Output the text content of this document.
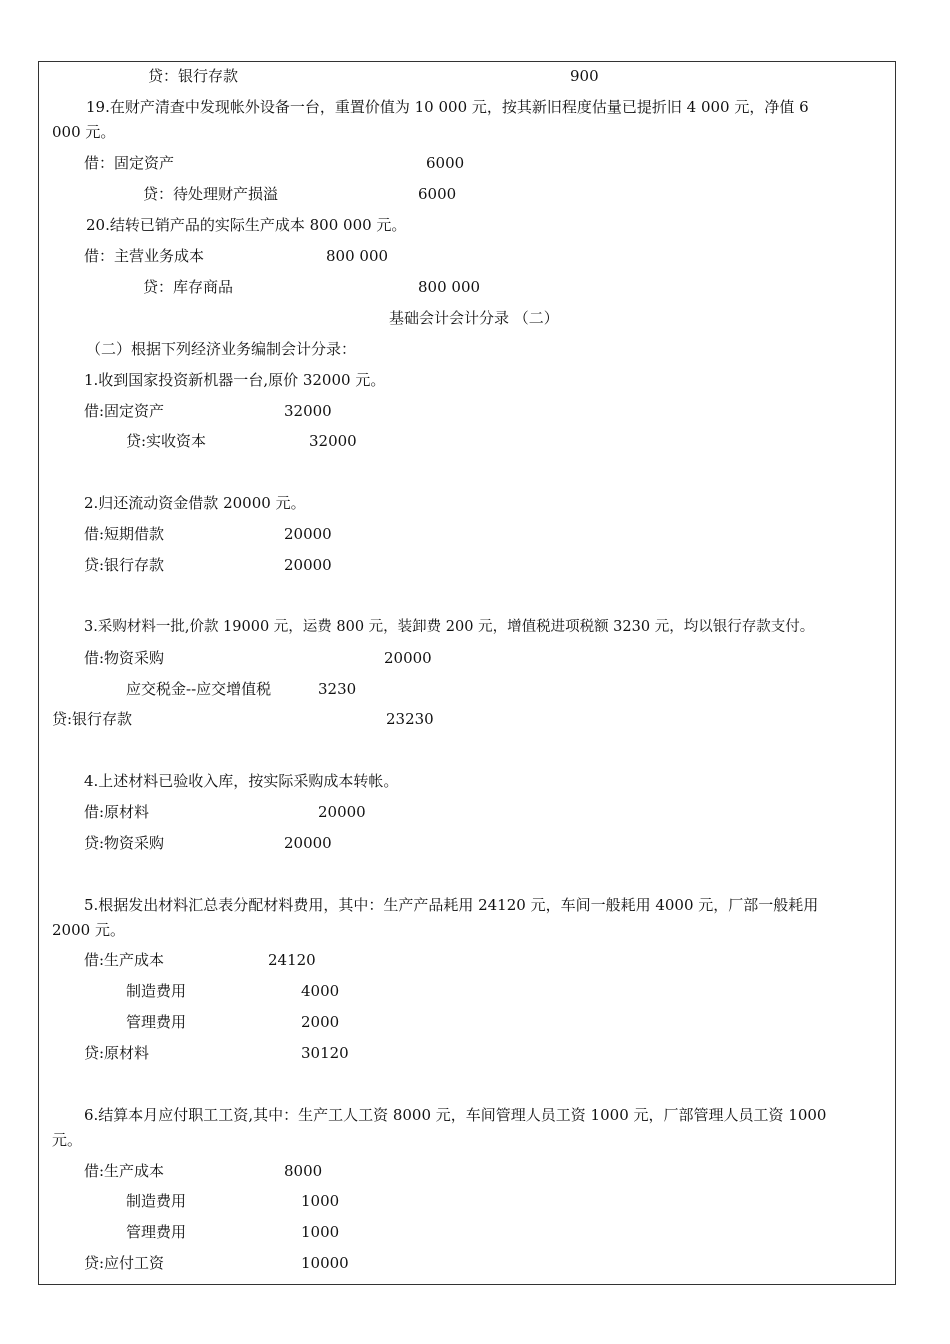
贷：银行存款	900
19.在财产清查中发现帐外设备一台，重置价值为 10 000 元，按其新旧程度估量已提折旧 4 000 元，净值 6
000 元。
借：固定资产	6000
贷：待处理财产损溢	6000
20.结转已销产品的实际生产成本 800 000 元。
借：主营业务成本	800 000
贷：库存商品	800 000
基础会计会计分录 （二）
（二）根据下列经济业务编制会计分录：
1.收到国家投资新机器一台,原价 32000 元。
借:固定资产	32000
贷:实收资本	32000
2.归还流动资金借款 20000 元。
借:短期借款	20000
贷:银行存款	20000
3.采购材料一批,价款 19000 元，运费 800 元，装卸费 200 元，增值税进项税额 3230 元，均以银行存款支付。
借:物资采购	20000
应交税金--应交增值税	3230
贷:银行存款	23230
4.上述材料已验收入库，按实际采购成本转帐。
借:原材料	20000
贷:物资采购	20000
5.根据发出材料汇总表分配材料费用，其中：生产产品耗用 24120 元，车间一般耗用 4000 元，厂部一般耗用
2000 元。
借:生产成本	24120
制造费用	4000
管理费用	2000
贷:原材料	30120
6.结算本月应付职工工资,其中：生产工人工资 8000 元，车间管理人员工资 1000 元，厂部管理人员工资 1000
元。
借:生产成本	8000
制造费用	1000
管理费用	1000
贷:应付工资	10000
